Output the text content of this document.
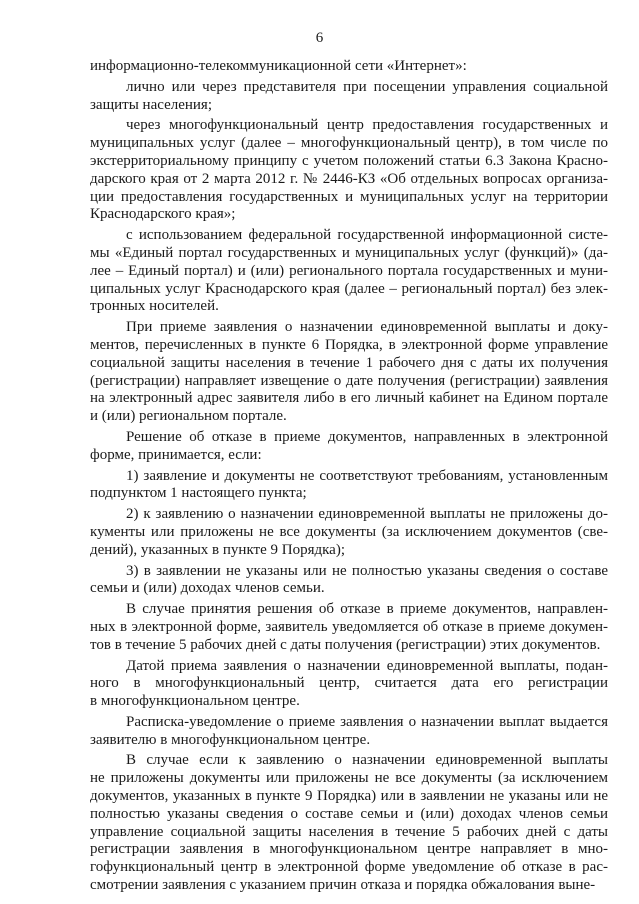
6
информационно-телекоммуникационной сети «Интернет»:
лично или через представителя при посещении управления социальной
защиты населения;
через многофункциональный центр предоставления государственных и
муниципальных услуг (далее – многофункциональный центр), в том числе по
экстерриториальному принципу с учетом положений статьи 6.3 Закона Красно-
дарского края от 2 марта 2012 г. № 2446-КЗ «Об отдельных вопросах организа-
ции предоставления государственных и муниципальных услуг на территории
Краснодарского края»;
с использованием федеральной государственной информационной систе-
мы «Единый портал государственных и муниципальных услуг (функций)» (да-
лее – Единый портал) и (или) регионального портала государственных и муни-
ципальных услуг Краснодарского края (далее – региональный портал) без элек-
тронных носителей.
При приеме заявления о назначении единовременной выплаты и доку-
ментов, перечисленных в пункте 6 Порядка, в электронной форме управление
социальной защиты населения в течение 1 рабочего дня с даты их получения
(регистрации) направляет извещение о дате получения (регистрации) заявления
на электронный адрес заявителя либо в его личный кабинет на Едином портале
и (или) региональном портале.
Решение об отказе в приеме документов, направленных в электронной
форме, принимается, если:
1) заявление и документы не соответствуют требованиям, установленным
подпунктом 1 настоящего пункта;
2) к заявлению о назначении единовременной выплаты не приложены до-
кументы или приложены не все документы (за исключением документов (све-
дений), указанных в пункте 9 Порядка);
3) в заявлении не указаны или не полностью указаны сведения о составе
семьи и (или) доходах членов семьи.
В случае принятия решения об отказе в приеме документов, направлен-
ных в электронной форме, заявитель уведомляется об отказе в приеме докумен-
тов в течение 5 рабочих дней с даты получения (регистрации) этих документов.
Датой приема заявления о назначении единовременной выплаты, подан-
ного в многофункциональный центр, считается дата его регистрации
в многофункциональном центре.
Расписка-уведомление о приеме заявления о назначении выплат выдается
заявителю в многофункциональном центре.
В случае если к заявлению о назначении единовременной выплаты
не приложены документы или приложены не все документы (за исключением
документов, указанных в пункте 9 Порядка) или в заявлении не указаны или не
полностью указаны сведения о составе семьи и (или) доходах членов семьи
управление социальной защиты населения в течение 5 рабочих дней с даты
регистрации заявления в многофункциональном центре направляет в мно-
гофункциональный центр в электронной форме уведомление об отказе в рас-
смотрении заявления с указанием причин отказа и порядка обжалования выне-
